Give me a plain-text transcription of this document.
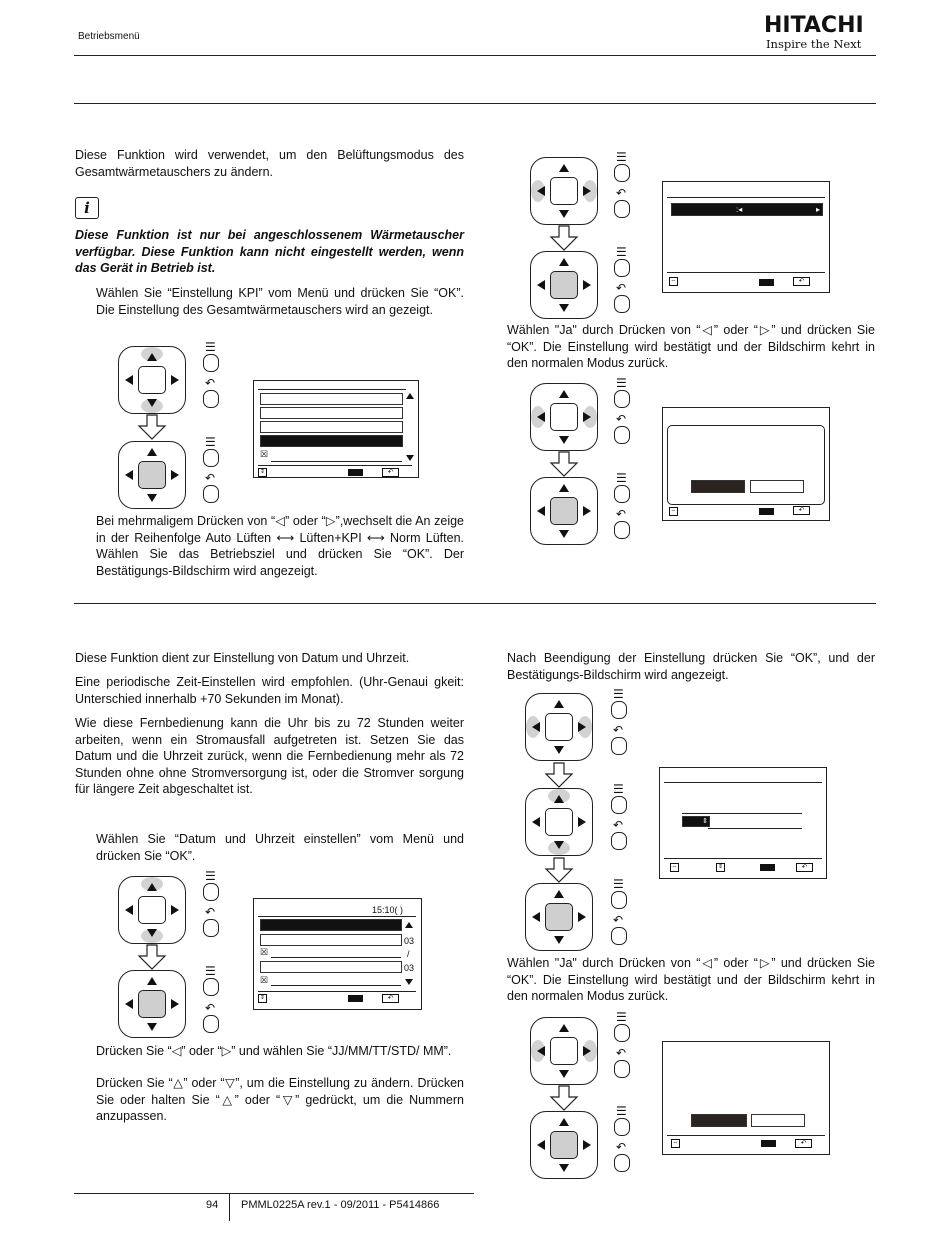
Betriebsmenü	HITACHI
Inspire the Next
Diese Funktion wird verwendet, um den Belüftungsmodus des Gesamtwärmetauschers zu ändern.
i
Diese Funktion ist nur bei angeschlossenem Wärmetauscher verfügbar. Diese Funktion kann nicht eingestellt werden, wenn das Gerät in Betrieb ist.
Wählen Sie “Einstellung KPI” vom Menü und drücken Sie “OK”. Die Einstellung des Gesamtwärmetauschers wird an gezeigt.
☰
↶
☰
↶
☒
⇕	↶
Bei mehrmaligem Drücken von “◁” oder “▷”,wechselt die An zeige in der Reihenfolge Auto Lüften ⟷ Lüften+KPI ⟷ Norm Lüften. Wählen Sie das Betriebsziel und drücken Sie “OK”. Der Bestätigungs-Bildschirm wird angezeigt.
☰
↶
☰
↶
:◂	▸
⇔	↶
Wählen "Ja" durch Drücken von “◁” oder “▷” und drücken Sie “OK”. Die Einstellung wird bestätigt und der Bildschirm kehrt in den normalen Modus zurück.
☰
↶
☰
↶	⇔	↶
Diese Funktion dient zur Einstellung von Datum und Uhrzeit.
Eine periodische Zeit-Einstellen wird empfohlen. (Uhr-Genaui gkeit: Unterschied innerhalb +70 Sekunden im Monat).
Wie diese Fernbedienung kann die Uhr bis zu 72 Stunden weiter arbeiten, wenn ein Stromausfall aufgetreten ist. Setzen Sie das Datum und die Uhrzeit zurück, wenn die Fernbedienung mehr als 72 Stunden ohne ohne Stromversorgung ist, oder die Stromver sorgung für längere Zeit abgeschaltet ist.
Wählen Sie “Datum und Uhrzeit einstellen” vom Menü und drücken Sie “OK”.
☰
↶
☰
↶
15:10( )
03
☒	/
03
☒
⇕	↶
Drücken Sie “◁” oder “▷” und wählen Sie “JJ/MM/TT/STD/ MM”.
Drücken Sie “△” oder “▽”, um die Einstellung zu ändern. Drücken Sie oder halten Sie “△” oder “▽” gedrückt, um die Nummern anzupassen.
Nach Beendigung der Einstellung drücken Sie “OK”, und der Bestätigungs-Bildschirm wird angezeigt.
☰
↶
☰
↶
☰
↶
⇕
⇔	⇕	↶
Wählen "Ja" durch Drücken von “◁” oder “▷” und drücken Sie “OK”. Die Einstellung wird bestätigt und der Bildschirm kehrt in den normalen Modus zurück.
☰
↶
☰
↶	⇔	↶
94 PMML0225A rev.1 - 09/2011 - P5414866
